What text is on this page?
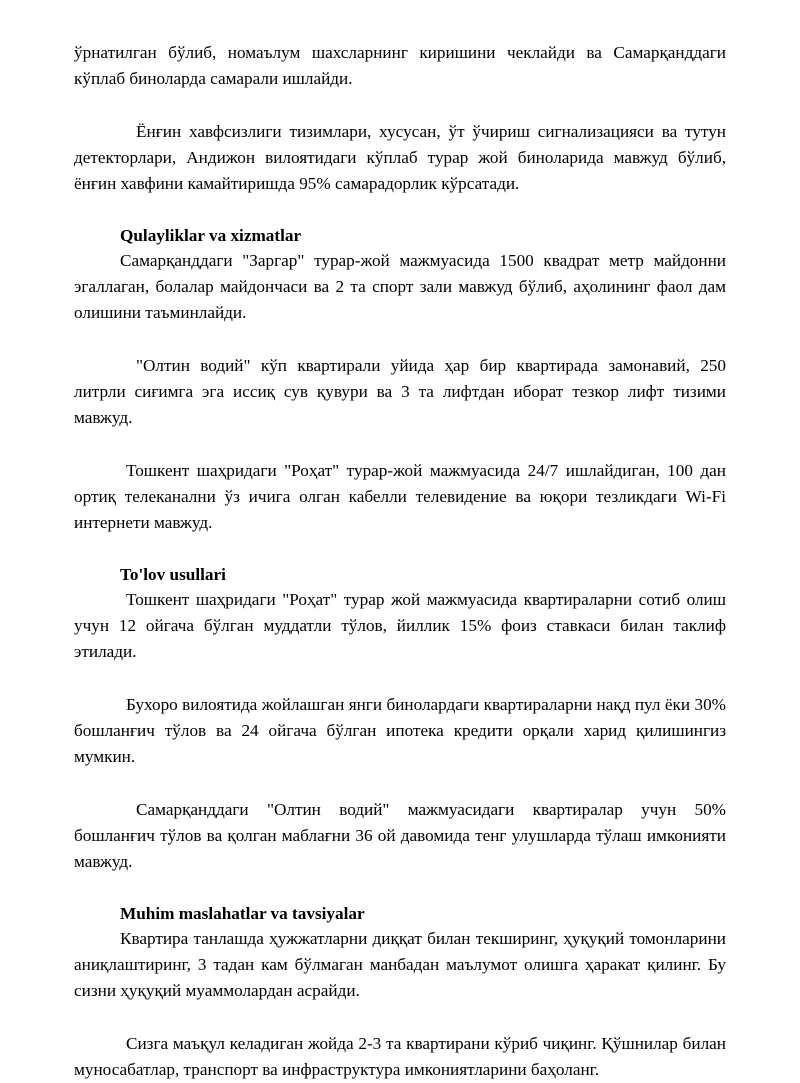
ўрнатилган бўлиб, номаълум шахсларнинг киришини чеклайди ва Самарқанддаги кўплаб биноларда самарали ишлайди.

Ёнғин хавфсизлиги тизимлари, хусусан, ўт ўчириш сигнализацияси ва тутун детекторлари, Андижон вилоятидаги кўплаб турар жой биноларида мавжуд бўлиб, ёнғин хавфини камайтиришда 95% самарадорлик кўрсатади.

Qulayliklar va xizmatlar

Самарқанддаги "Заргар" турар-жой мажмуасида 1500 квадрат метр майдонни эгаллаган, болалар майдончаси ва 2 та спорт зали мавжуд бўлиб, аҳолининг фаол дам олишини таъминлайди.

"Олтин водий" кўп квартирали уйида ҳар бир квартирада замонавий, 250 литрли сиғимга эга иссиқ сув қувури ва 3 та лифтдан иборат тезкор лифт тизими мавжуд.

Тошкент шаҳридаги "Роҳат" турар-жой мажмуасида 24/7 ишлайдиган, 100 дан ортиқ телеканални ўз ичига олган кабелли телевидение ва юқори тезликдаги Wi-Fi интернети мавжуд.

To'lov usullari

Тошкент шаҳридаги "Роҳат" турар жой мажмуасида квартираларни сотиб олиш учун 12 ойгача бўлган муддатли тўлов, йиллик 15% фоиз ставкаси билан таклиф этилади.

Бухоро вилоятида жойлашган янги бинолардаги квартираларни нақд пул ёки 30% бошланғич тўлов ва 24 ойгача бўлган ипотека кредити орқали харид қилишингиз мумкин.

Самарқанддаги "Олтин водий" мажмуасидаги квартиралар учун 50% бошланғич тўлов ва қолган маблағни 36 ой давомида тенг улушларда тўлаш имконияти мавжуд.

Muhim maslahatlar va tavsiyalar

Квартира танлашда ҳужжатларни диққат билан текширинг, ҳуқуқий томонларини аниқлаштиринг, 3 тадан кам бўлмаган манбадан маълумот олишга ҳаракат қилинг. Бу сизни ҳуқуқий муаммолардан асрайди.

Сизга маъқул келадиган жойда 2-3 та квартирани кўриб чиқинг. Қўшнилар билан муносабатлар, транспорт ва инфраструктура имкониятларини баҳоланг.
